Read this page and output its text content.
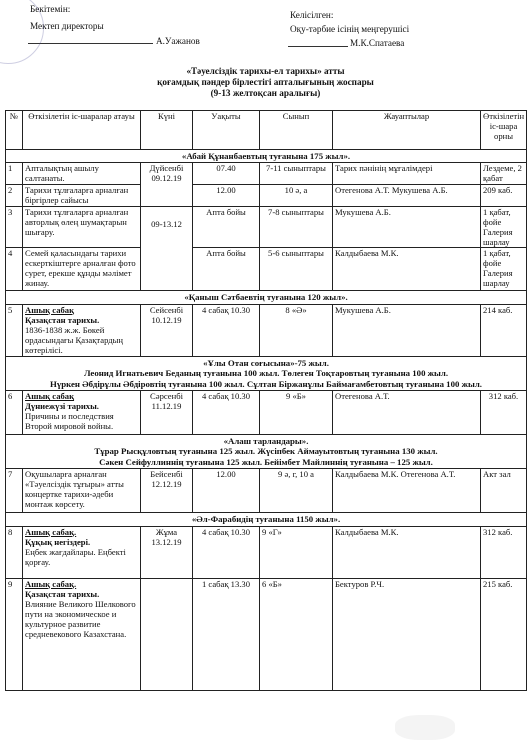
Бекітемін:
Мектеп директоры
А.Уажанов
Келісілген:
Оқу-тәрбие ісінің меңгерушісі
М.К.Спатаева
«Тәуелсіздік тарихы-ел тарихы» атты
қоғамдық пәндер бірлестігі апталығының жоспары
(9-13 желтоқсан аралығы)
№	Өткізілетін іс-шаралар атауы	Күні	Уақыты	Сынып	Жауаптылар	Өткізілетін іс-шара орны
«Абай Құнанбаевтың туғанына 175 жыл».						
1	Апталықтың ашылу салтанаты.	Дүйсенбі 09.12.19	07.40	7-11 сыныптары	Тарих пәнінің мұғалімдері	Лездеме, 2 қабат
2	Тарихи тұлғаларға арналған біргірлер сайысы		12.00	10 ә, а	Отегенова А.Т. Мукушева А.Б.	209 каб.
3	Тарихи тұлғаларға арналған авторлық өлең шумақтарын шығару.	09-13.12	Апта бойы	7-8 сыныптары	Мукушева А.Б.	1 қабат, фойе Галерия шарлау
4	Семей қаласындағы тарихи ескерткіштерге арналған фото сурет, ерекше құнды мәлімет жинау.		Апта бойы	5-6 сыныптары	Калдыбаева М.К.	1 қабат, фойе Галерия шарлау
«Қаныш Сәтбаевтің туғанына 120 жыл».						
5	Ашық сабақ
Қазақстан тарихы.
1836-1838 ж.ж. Бөкей ордасындағы Қазақтардың көтерілісі.	Сейсенбі 10.12.19	4 сабақ 10.30	8 «Ә»	Мукушева А.Б.	214 каб.

«Ұлы Отан соғысына»-75 жыл.
Леонид Игнатьевич Беданың туғанына 100 жыл. Төлеген Тоқтаровтың туғанына 100 жыл.
Нүркен Әбдірұлы Әбдіровтің туғанына 100 жыл. Сұлтан Біржанұлы Баймағамбетовтың туғанына 100 жыл.						

6	Ашық сабақ
Дүниежүзі тарихы.
Причины и последствия Второй мировой войны.	Сәрсенбі 11.12.19	4 сабақ 10.30	9 «Б»	Отегенова А.Т.	312 каб.

«Алаш тарландары».
Тұрар Рысқұловтың туғанына 125 жыл. Жүсіпбек Аймауытовтың туғанына 130 жыл.
Сәкен Сейфуллиннің туғанына 125 жыл. Бейімбет Майлиннің туғанына – 125 жыл.						

7	Оқушыларға арналған «Тәуелсіздік тұғыры» атты концертке тарихи-әдеби монтаж көрсету.	Бейсенбі 12.12.19	12.00	9 ә, г, 10 а	Калдыбаева М.К. Отегенова А.Т.	Акт зал
«Әл-Фарабидің туғанына 1150 жыл».						
8	Ашық сабақ.
Құқық негіздері.
Еңбек жағдайлары. Еңбекті қорғау.	Жұма 13.12.19	4 сабақ 10.30	9 «Г»	Калдыбаева М.К.	312 каб.
9	Ашық сабақ.
Қазақстан тарихы.
Влияние Великого Шелкового пути на экономическое и культурное развитие средневекового Казахстана.		1 сабақ 13.30	6 «Б»	Бектуров Р.Ч.	215 каб.
